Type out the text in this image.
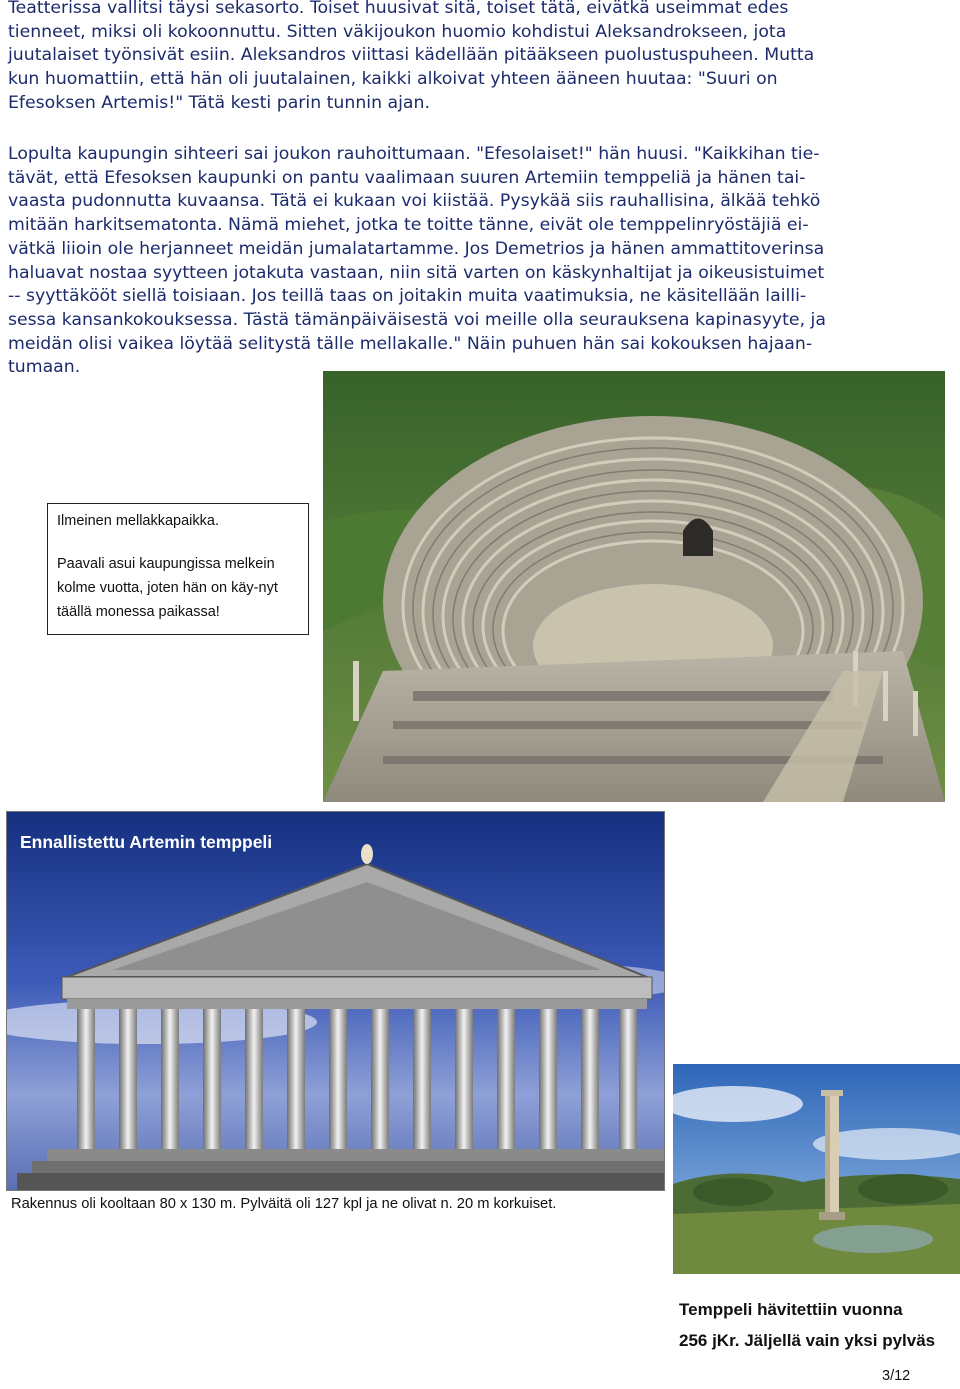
Teatterissa vallitsi täysi sekasorto. Toiset huusivat sitä, toiset tätä, eivätkä useimmat edes
tienneet, miksi oli kokoonnuttu. Sitten väkijoukon huomio kohdistui Aleksandrokseen, jota
juutalaiset työnsivät esiin. Aleksandros viittasi kädellään pitääkseen puolustuspuheen. Mutta
kun huomattiin, että hän oli juutalainen, kaikki alkoivat yhteen ääneen huutaa: "Suuri on
Efesoksen Artemis!" Tätä kesti parin tunnin ajan.
Lopulta kaupungin sihteeri sai joukon rauhoittumaan. "Efesolaiset!" hän huusi. "Kaikkihan tie-
tävät, että Efesoksen kaupunki on pantu vaalimaan suuren Artemiin temppeliä ja hänen tai-
vaasta pudonnutta kuvaansa. Tätä ei kukaan voi kiistää. Pysykää siis rauhallisina, älkää tehkö
mitään harkitsematonta. Nämä miehet, jotka te toitte tänne, eivät ole temppelinryöstäjiä ei-
vätkä liioin ole herjanneet meidän jumalatartamme. Jos Demetrios ja hänen ammattitoverinsa
haluavat nostaa syytteen jotakuta vastaan, niin sitä varten on käskynhaltijat ja oikeusistuimet
-- syyttäkööt siellä toisiaan. Jos teillä taas on joitakin muita vaatimuksia, ne käsitellään lailli-
sessa kansankokouksessa. Tästä tämänpäiväisestä voi meille olla seurauksena kapinasyyte, ja
meidän olisi vaikea löytää selitystä tälle mellakalle." Näin puhuen hän sai kokouksen hajaan-
tumaan.
Ilmeinen mellakkapaikka.
Paavali asui kaupungissa melkein kolme vuotta, joten hän on käy-nyt täällä monessa paikassa!
Ennallistettu Artemin temppeli
Rakennus oli kooltaan 80 x 130 m. Pylväitä oli 127 kpl ja ne olivat n. 20 m korkuiset.
Temppeli hävitettiin vuonna
256 jKr. Jäljellä vain yksi pylväs
3/12
